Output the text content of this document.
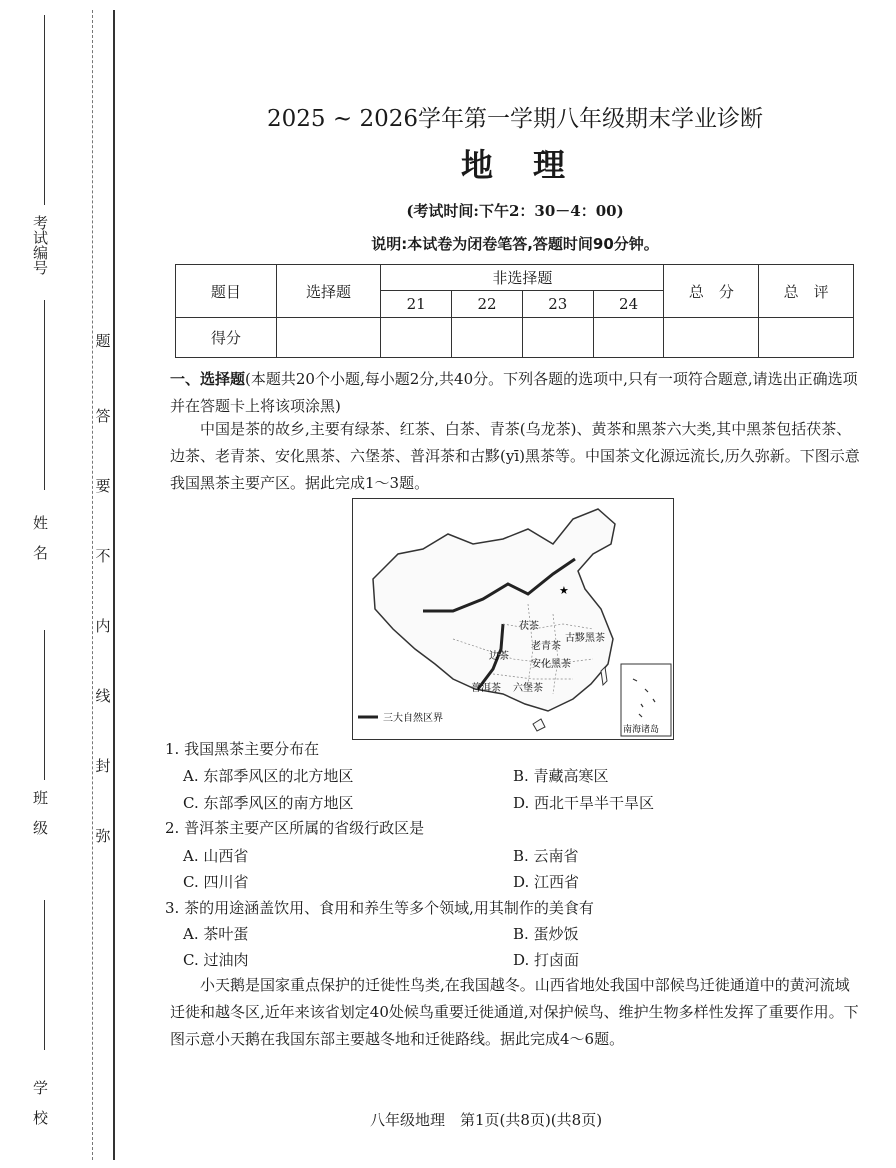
考试编号
姓　名
班　级
学　校
题
答
要
不
内
线
封
弥
2025 ~ 2026学年第一学期八年级期末学业诊断
地　理
(考试时间:下午2：30－4：00)
说明:本试卷为闭卷笔答,答题时间90分钟。
题目	选择题	非选择题				总　分	总　评
		21	22	23	24		
得分							
一、选择题(本题共20个小题,每小题2分,共40分。下列各题的选项中,只有一项符合题意,请选出正确选项并在答题卡上将该项涂黑)
中国是茶的故乡,主要有绿茶、红茶、白茶、青茶(乌龙茶)、黄茶和黑茶六大类,其中黑茶包括茯茶、边茶、老青茶、安化黑茶、六堡茶、普洱茶和古黟(yī)黑茶等。中国茶文化源远流长,历久弥新。下图示意我国黑茶主要产区。据此完成1～3题。
★
茯茶
老青茶
古黟黑茶
边茶
安化黑茶
普洱茶 六堡茶
三大自然区界
南海诸岛
1. 我国黑茶主要分布在
A. 东部季风区的北方地区	B. 青藏高寒区
C. 东部季风区的南方地区	D. 西北干旱半干旱区
2. 普洱茶主要产区所属的省级行政区是
A. 山西省	B. 云南省
C. 四川省	D. 江西省
3. 茶的用途涵盖饮用、食用和养生等多个领域,用其制作的美食有
A. 茶叶蛋	B. 蛋炒饭
C. 过油肉	D. 打卤面
小天鹅是国家重点保护的迁徙性鸟类,在我国越冬。山西省地处我国中部候鸟迁徙通道中的黄河流域迁徙和越冬区,近年来该省划定40处候鸟重要迁徙通道,对保护候鸟、维护生物多样性发挥了重要作用。下图示意小天鹅在我国东部主要越冬地和迁徙路线。据此完成4～6题。
八年级地理　第1页(共8页)(共8页)
